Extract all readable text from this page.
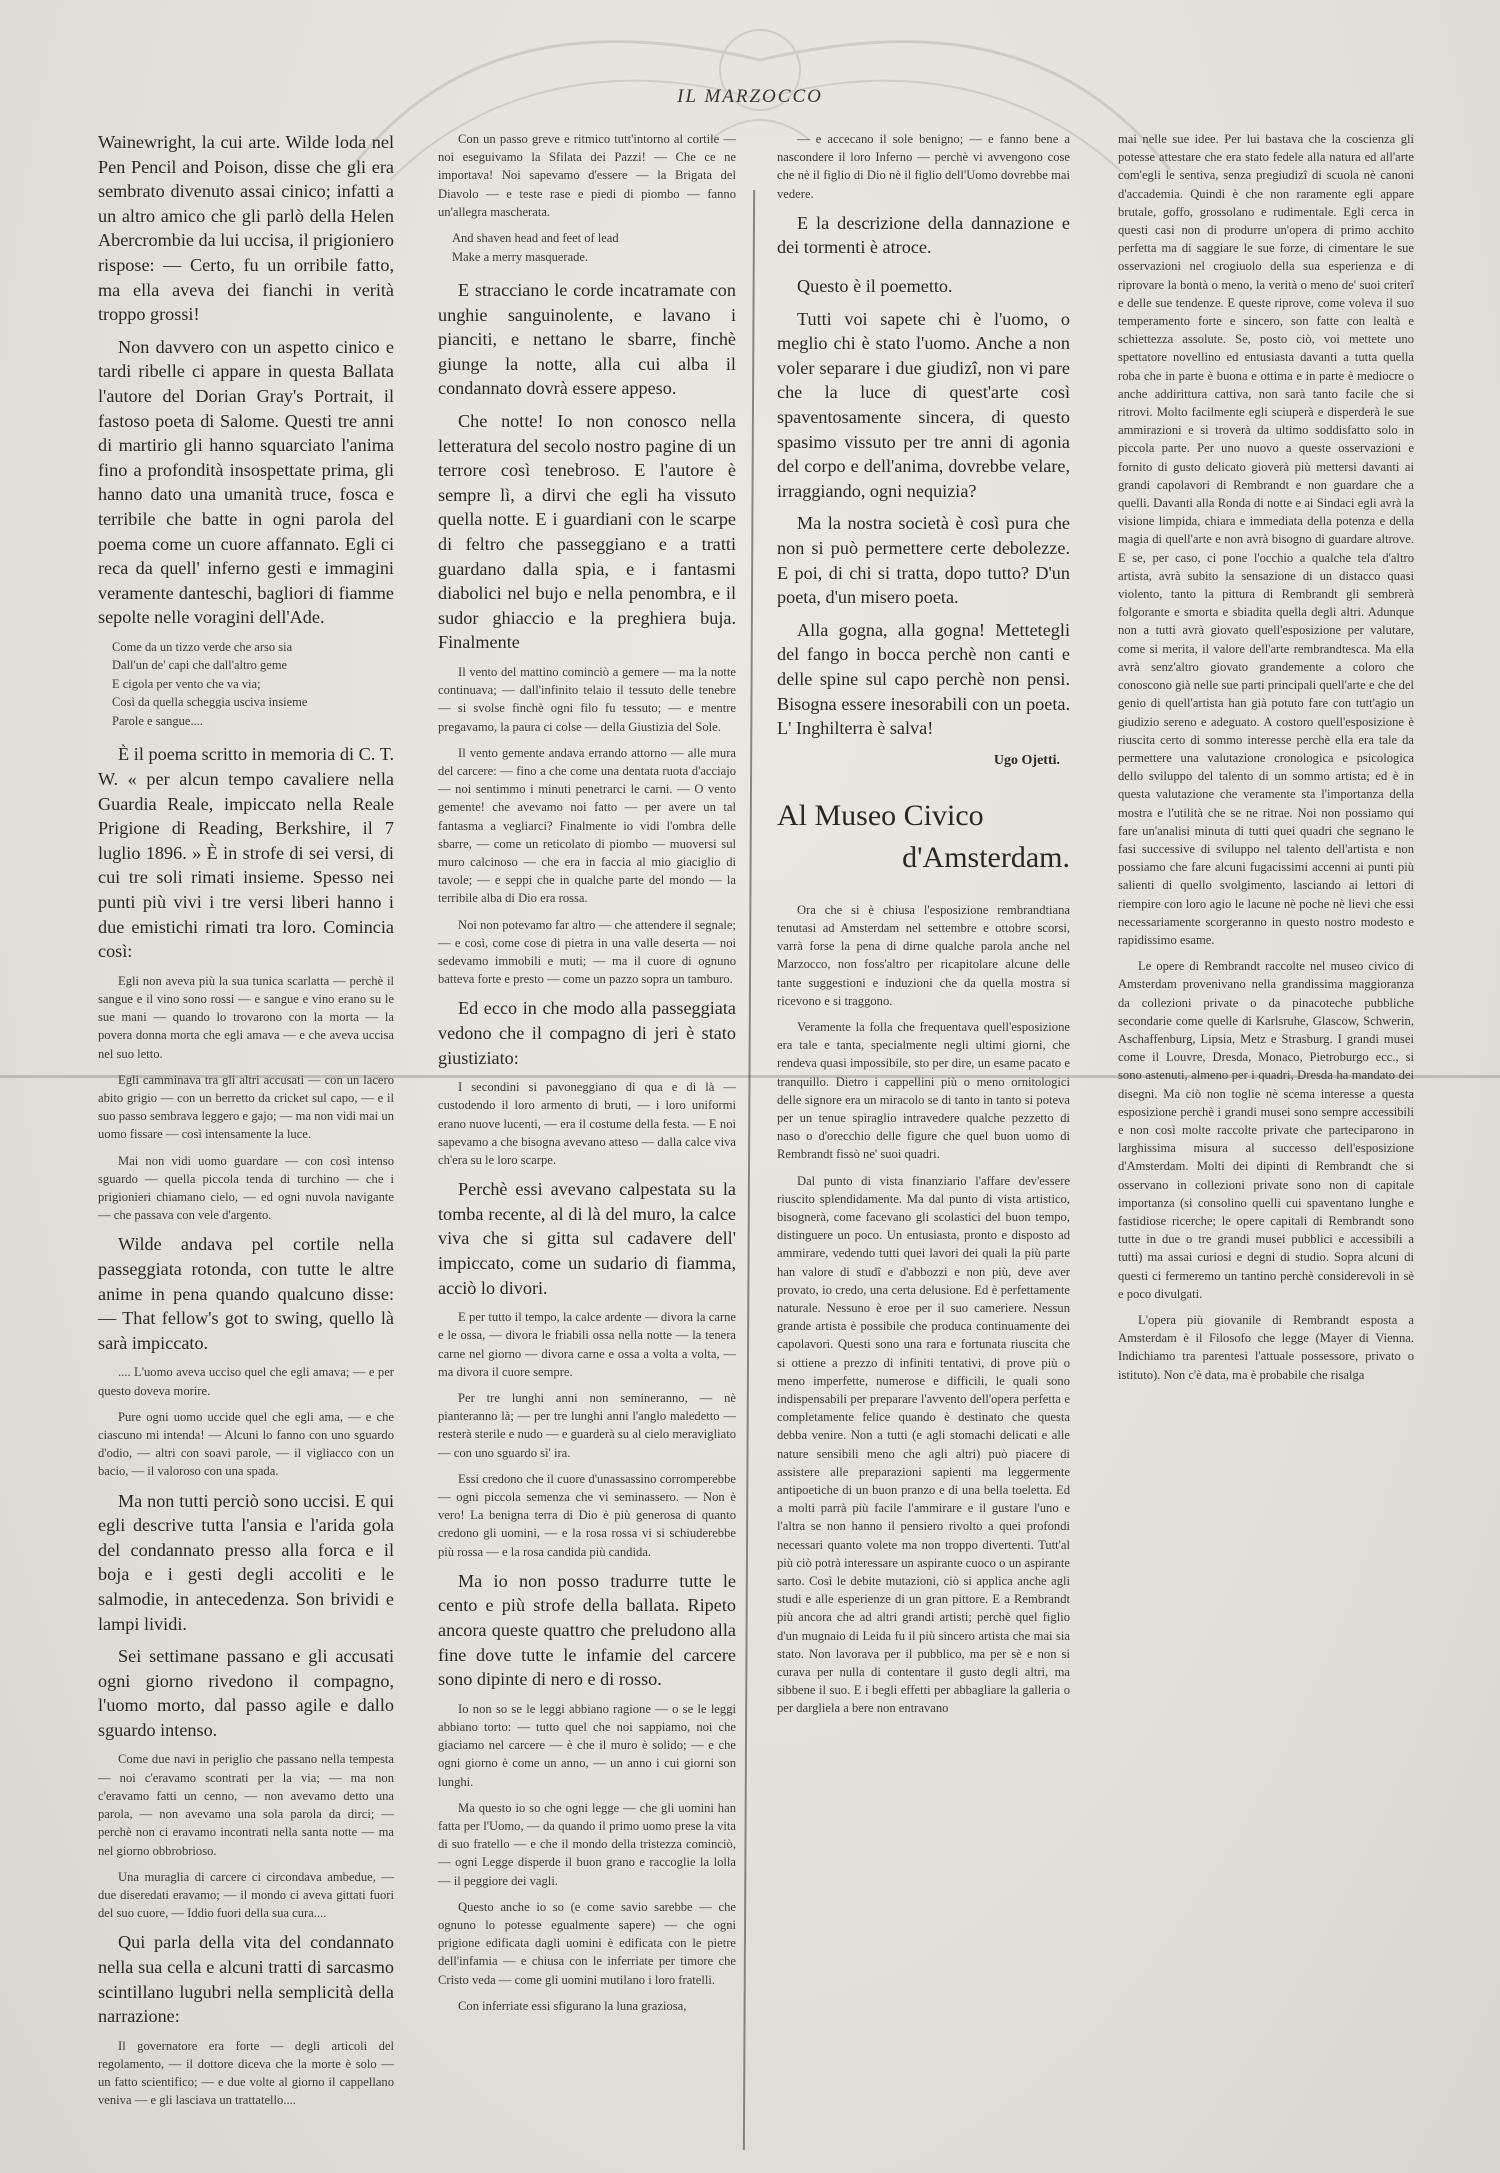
IL MARZOCCO

Wainewright, la cui arte. Wilde loda nel Pen Pencil and Poison, disse che gli era sembrato divenuto assai cinico; infatti a un altro amico che gli parlò della Helen Abercrombie da lui uccisa, il prigioniero rispose: — Certo, fu un orribile fatto, ma ella aveva dei fianchi in verità troppo grossi!

Non davvero con un aspetto cinico e tardi ribelle ci appare in questa Ballata l'autore del Dorian Gray's Portrait, il fastoso poeta di Salome. Questi tre anni di martirio gli hanno squarciato l'anima fino a profondità insospettate prima, gli hanno dato una umanità truce, fosca e terribile che batte in ogni parola del poema come un cuore affannato. Egli ci reca da quell' inferno gesti e immagini veramente danteschi, bagliori di fiamme sepolte nelle voragini dell'Ade.

Come da un tizzo verde che arso sia
Dall'un de' capi che dall'altro geme
E cigola per vento che va via;
Così da quella scheggia usciva insieme
Parole e sangue....

È il poema scritto in memoria di C. T. W. « per alcun tempo cavaliere nella Guardia Reale, impiccato nella Reale Prigione di Reading, Berkshire, il 7 luglio 1896. » È in strofe di sei versi, di cui tre soli rimati insieme. Spesso nei punti più vivi i tre versi liberi hanno i due emistichi rimati tra loro. Comincia così:

Egli non aveva più la sua tunica scarlatta — perchè il sangue e il vino sono rossi — e sangue e vino erano su le sue mani — quando lo trovarono con la morta — la povera donna morta che egli amava — e che aveva uccisa nel suo letto.

Egli camminava tra gli altri accusati — con un lacero abito grigio — con un berretto da cricket sul capo, — e il suo passo sembrava leggero e gajo; — ma non vidi mai un uomo fissare — così intensamente la luce.

Mai non vidi uomo guardare — con così intenso sguardo — quella piccola tenda di turchino — che i prigionieri chiamano cielo, — ed ogni nuvola navigante — che passava con vele d'argento.

Wilde andava pel cortile nella passeggiata rotonda, con tutte le altre anime in pena quando qualcuno disse: — That fellow's got to swing, quello là sarà impiccato.

.... L'uomo aveva ucciso quel che egli amava; — e per questo doveva morire.

Pure ogni uomo uccide quel che egli ama, — e che ciascuno mi intenda! — Alcuni lo fanno con uno sguardo d'odio, — altri con soavi parole, — il vigliacco con un bacio, — il valoroso con una spada.

Ma non tutti perciò sono uccisi. E qui egli descrive tutta l'ansia e l'arida gola del condannato presso alla forca e il boja e i gesti degli accoliti e le salmodie, in antecedenza. Son brividi e lampi lividi.

Sei settimane passano e gli accusati ogni giorno rivedono il compagno, l'uomo morto, dal passo agile e dallo sguardo intenso.

Come due navi in periglio che passano nella tempesta — noi c'eravamo scontrati per la via; — ma non c'eravamo fatti un cenno, — non avevamo detto una parola, — non avevamo una sola parola da dirci; — perchè non ci eravamo incontrati nella santa notte — ma nel giorno obbrobrioso.

Una muraglia di carcere ci circondava ambedue, — due diseredati eravamo; — il mondo ci aveva gittati fuori del suo cuore, — Iddio fuori della sua cura....

Qui parla della vita del condannato nella sua cella e alcuni tratti di sarcasmo scintillano lugubri nella semplicità della narrazione:

Il governatore era forte — degli articoli del regolamento, — il dottore diceva che la morte è solo — un fatto scientifico; — e due volte al giorno il cappellano veniva — e gli lasciava un trattatello....

Con un passo greve e ritmico tutt'intorno al cortile — noi eseguivamo la Sfilata dei Pazzi! — Che ce ne importava! Noi sapevamo d'essere — la Brigata del Diavolo — e teste rase e piedi di piombo — fanno un'allegra mascherata.

And shaven head and feet of lead
Make a merry masquerade.

E stracciano le corde incatramate con unghie sanguinolente, e lavano i pianciti, e nettano le sbarre, finchè giunge la notte, alla cui alba il condannato dovrà essere appeso.

Che notte! Io non conosco nella letteratura del secolo nostro pagine di un terrore così tenebroso. E l'autore è sempre lì, a dirvi che egli ha vissuto quella notte. E i guardiani con le scarpe di feltro che passeggiano e a tratti guardano dalla spia, e i fantasmi diabolici nel bujo e nella penombra, e il sudor ghiaccio e la preghiera buja. Finalmente

Il vento del mattino cominciò a gemere — ma la notte continuava; — dall'infinito telaio il tessuto delle tenebre — si svolse finchè ogni filo fu tessuto; — e mentre pregavamo, la paura ci colse — della Giustizia del Sole.

Il vento gemente andava errando attorno — alle mura del carcere: — fino a che come una dentata ruota d'acciajo — noi sentimmo i minuti penetrarci le carni. — O vento gemente! che avevamo noi fatto — per avere un tal fantasma a vegliarci? Finalmente io vidi l'ombra delle sbarre, — come un reticolato di piombo — muoversi sul muro calcinoso — che era in faccia al mio giaciglio di tavole; — e seppi che in qualche parte del mondo — la terribile alba di Dio era rossa.

Noi non potevamo far altro — che attendere il segnale; — e così, come cose di pietra in una valle deserta — noi sedevamo immobili e muti; — ma il cuore di ognuno batteva forte e presto — come un pazzo sopra un tamburo.

Ed ecco in che modo alla passeggiata vedono che il compagno di jeri è stato giustiziato:

I secondini si pavoneggiano di qua e di là — custodendo il loro armento di bruti, — i loro uniformi erano nuove lucenti, — era il costume della festa. — E noi sapevamo a che bisogna avevano atteso — dalla calce viva ch'era su le loro scarpe.

Perchè essi avevano calpestata su la tomba recente, al di là del muro, la calce viva che si gitta sul cadavere dell' impiccato, come un sudario di fiamma, acciò lo divori.

E per tutto il tempo, la calce ardente — divora la carne e le ossa, — divora le friabili ossa nella notte — la tenera carne nel giorno — divora carne e ossa a volta a volta, — ma divora il cuore sempre.

Per tre lunghi anni non semineranno, — nè pianteranno là; — per tre lunghi anni l'anglo maledetto — resterà sterile e nudo — e guarderà su al cielo meravigliato — con uno sguardo sì' ira.

Essi credono che il cuore d'unassassino corromperebbe — ogni piccola semenza che vi seminassero. — Non è vero! La benigna terra di Dio è più generosa di quanto credono gli uomini, — e la rosa rossa vi si schiuderebbe più rossa — e la rosa candida più candida.

Ma io non posso tradurre tutte le cento e più strofe della ballata. Ripeto ancora queste quattro che preludono alla fine dove tutte le infamie del carcere sono dipinte di nero e di rosso.

Io non so se le leggi abbiano ragione — o se le leggi abbiano torto: — tutto quel che noi sappiamo, noi che giaciamo nel carcere — è che il muro è solido; — e che ogni giorno è come un anno, — un anno i cui giorni son lunghi.

Ma questo io so che ogni legge — che gli uomini han fatta per l'Uomo, — da quando il primo uomo prese la vita di suo fratello — e che il mondo della tristezza cominciò, — ogni Legge disperde il buon grano e raccoglie la lolla — il peggiore dei vagli.

Questo anche io so (e come savio sarebbe — che ognuno lo potesse egualmente sapere) — che ogni prigione edificata dagli uomini è edificata con le pietre dell'infamia — e chiusa con le inferriate per timore che Cristo veda — come gli uomini mutilano i loro fratelli.

Con inferriate essi sfigurano la luna graziosa,

— e accecano il sole benigno; — e fanno bene a nascondere il loro Inferno — perchè vi avvengono cose che nè il figlio di Dio nè il figlio dell'Uomo dovrebbe mai vedere.

E la descrizione della dannazione e dei tormenti è atroce.

Questo è il poemetto.

Tutti voi sapete chi è l'uomo, o meglio chi è stato l'uomo. Anche a non voler separare i due giudizî, non vi pare che la luce di quest'arte così spaventosamente sincera, di questo spasimo vissuto per tre anni di agonia del corpo e dell'anima, dovrebbe velare, irraggiando, ogni nequizia?

Ma la nostra società è così pura che non si può permettere certe debolezze. E poi, di chi si tratta, dopo tutto? D'un poeta, d'un misero poeta.

Alla gogna, alla gogna! Mettetegli del fango in bocca perchè non canti e delle spine sul capo perchè non pensi. Bisogna essere inesorabili con un poeta. L' Inghilterra è salva!

Ugo Ojetti.

Al Museo Civico
d'Amsterdam.

Ora che si è chiusa l'esposizione rembrandtiana tenutasi ad Amsterdam nel settembre e ottobre scorsi, varrà forse la pena di dirne qualche parola anche nel Marzocco, non foss'altro per ricapitolare alcune delle tante suggestioni e induzioni che da quella mostra si ricevono e si traggono.

Veramente la folla che frequentava quell'esposizione era tale e tanta, specialmente negli ultimi giorni, che rendeva quasi impossibile, sto per dire, un esame pacato e tranquillo. Dietro i cappellini più o meno ornitologici delle signore era un miracolo se di tanto in tanto si poteva per un tenue spiraglio intravedere qualche pezzetto di naso o d'orecchio delle figure che quel buon uomo di Rembrandt fissò ne' suoi quadri.

Dal punto di vista finanziario l'affare dev'essere riuscito splendidamente. Ma dal punto di vista artistico, bisognerà, come facevano gli scolastici del buon tempo, distinguere un poco. Un entusiasta, pronto e disposto ad ammirare, vedendo tutti quei lavori dei quali la più parte han valore di studî e d'abbozzi e non più, deve aver provato, io credo, una certa delusione. Ed è perfettamente naturale. Nessuno è eroe per il suo cameriere. Nessun grande artista è possibile che produca continuamente dei capolavori. Questi sono una rara e fortunata riuscita che si ottiene a prezzo di infiniti tentativi, di prove più o meno imperfette, numerose e difficili, le quali sono indispensabili per preparare l'avvento dell'opera perfetta e completamente felice quando è destinato che questa debba venire. Non a tutti (e agli stomachi delicati e alle nature sensibili meno che agli altri) può piacere di assistere alle preparazioni sapienti ma leggermente antipoetiche di un buon pranzo e di una bella toeletta. Ed a molti parrà più facile l'ammirare e il gustare l'uno e l'altra se non hanno il pensiero rivolto a quei profondi necessari quanto volete ma non troppo divertenti. Tutt'al più ciò potrà interessare un aspirante cuoco o un aspirante sarto. Così le debite mutazioni, ciò si applica anche agli studi e alle esperienze di un gran pittore. E a Rembrandt più ancora che ad altri grandi artisti; perchè quel figlio d'un mugnaio di Leida fu il più sincero artista che mai sia stato. Non lavorava per il pubblico, ma per sè e non si curava per nulla di contentare il gusto degli altri, ma sibbene il suo. E i begli effetti per abbagliare la galleria o per dargliela a bere non entravano

mai nelle sue idee. Per lui bastava che la coscienza gli potesse attestare che era stato fedele alla natura ed all'arte com'egli le sentiva, senza pregiudizî di scuola nè canoni d'accademia. Quindi è che non raramente egli appare brutale, goffo, grossolano e rudimentale. Egli cerca in questi casi non di produrre un'opera di primo acchito perfetta ma di saggiare le sue forze, di cimentare le sue osservazioni nel crogiuolo della sua esperienza e di riprovare la bontà o meno, la verità o meno de' suoi criterî e delle sue tendenze. E queste riprove, come voleva il suo temperamento forte e sincero, son fatte con lealtà e schiettezza assolute. Se, posto ciò, voi mettete uno spettatore novellino ed entusiasta davanti a tutta quella roba che in parte è buona e ottima e in parte è mediocre o anche addirittura cattiva, non sarà tanto facile che si ritrovi. Molto facilmente egli sciuperà e disperderà le sue ammirazioni e si troverà da ultimo soddisfatto solo in piccola parte. Per uno nuovo a queste osservazioni e fornito di gusto delicato gioverà più mettersi davanti ai grandi capolavori di Rembrandt e non guardare che a quelli. Davanti alla Ronda di notte e ai Sindaci egli avrà la visione limpida, chiara e immediata della potenza e della magia di quell'arte e non avrà bisogno di guardare altrove. E se, per caso, ci pone l'occhio a qualche tela d'altro artista, avrà subito la sensazione di un distacco quasi violento, tanto la pittura di Rembrandt gli sembrerà folgorante e smorta e sbiadita quella degli altri. Adunque non a tutti avrà giovato quell'esposizione per valutare, come si merita, il valore dell'arte rembrandtesca. Ma ella avrà senz'altro giovato grandemente a coloro che conoscono già nelle sue parti principali quell'arte e che del genio di quell'artista han già potuto fare con tutt'agio un giudizio sereno e adeguato. A costoro quell'esposizione è riuscita certo di sommo interesse perchè ella era tale da permettere una valutazione cronologica e psicologica dello sviluppo del talento di un sommo artista; ed è in questa valutazione che veramente sta l'importanza della mostra e l'utilità che se ne ritrae. Noi non possiamo qui fare un'analisi minuta di tutti quei quadri che segnano le fasi successive di sviluppo nel talento dell'artista e non possiamo che fare alcuni fugacissimi accenni ai punti più salienti di quello svolgimento, lasciando ai lettori di riempire con loro agio le lacune nè poche nè lievi che essi necessariamente scorgeranno in questo nostro modesto e rapidissimo esame.

Le opere di Rembrandt raccolte nel museo civico di Amsterdam provenivano nella grandissima maggioranza da collezioni private o da pinacoteche pubbliche secondarie come quelle di Karlsruhe, Glascow, Schwerin, Aschaffenburg, Lipsia, Metz e Strasburg. I grandi musei come il Louvre, Dresda, Monaco, Pietroburgo ecc., si sono astenuti, almeno per i quadri, Dresda ha mandato dei disegni. Ma ciò non toglie nè scema interesse a questa esposizione perchè i grandi musei sono sempre accessibili e non così molte raccolte private che parteciparono in larghissima misura al successo dell'esposizione d'Amsterdam. Molti dei dipinti di Rembrandt che si osservano in collezioni private sono non di capitale importanza (si consolino quelli cui spaventano lunghe e fastidiose ricerche; le opere capitali di Rembrandt sono tutte in due o tre grandi musei pubblici e accessibili a tutti) ma assai curiosi e degni di studio. Sopra alcuni di questi ci fermeremo un tantino perchè considerevoli in sè e poco divulgati.

L'opera più giovanile di Rembrandt esposta a Amsterdam è il Filosofo che legge (Mayer di Vienna. Indichiamo tra parentesi l'attuale possessore, privato o istituto). Non c'è data, ma è probabile che risalga
